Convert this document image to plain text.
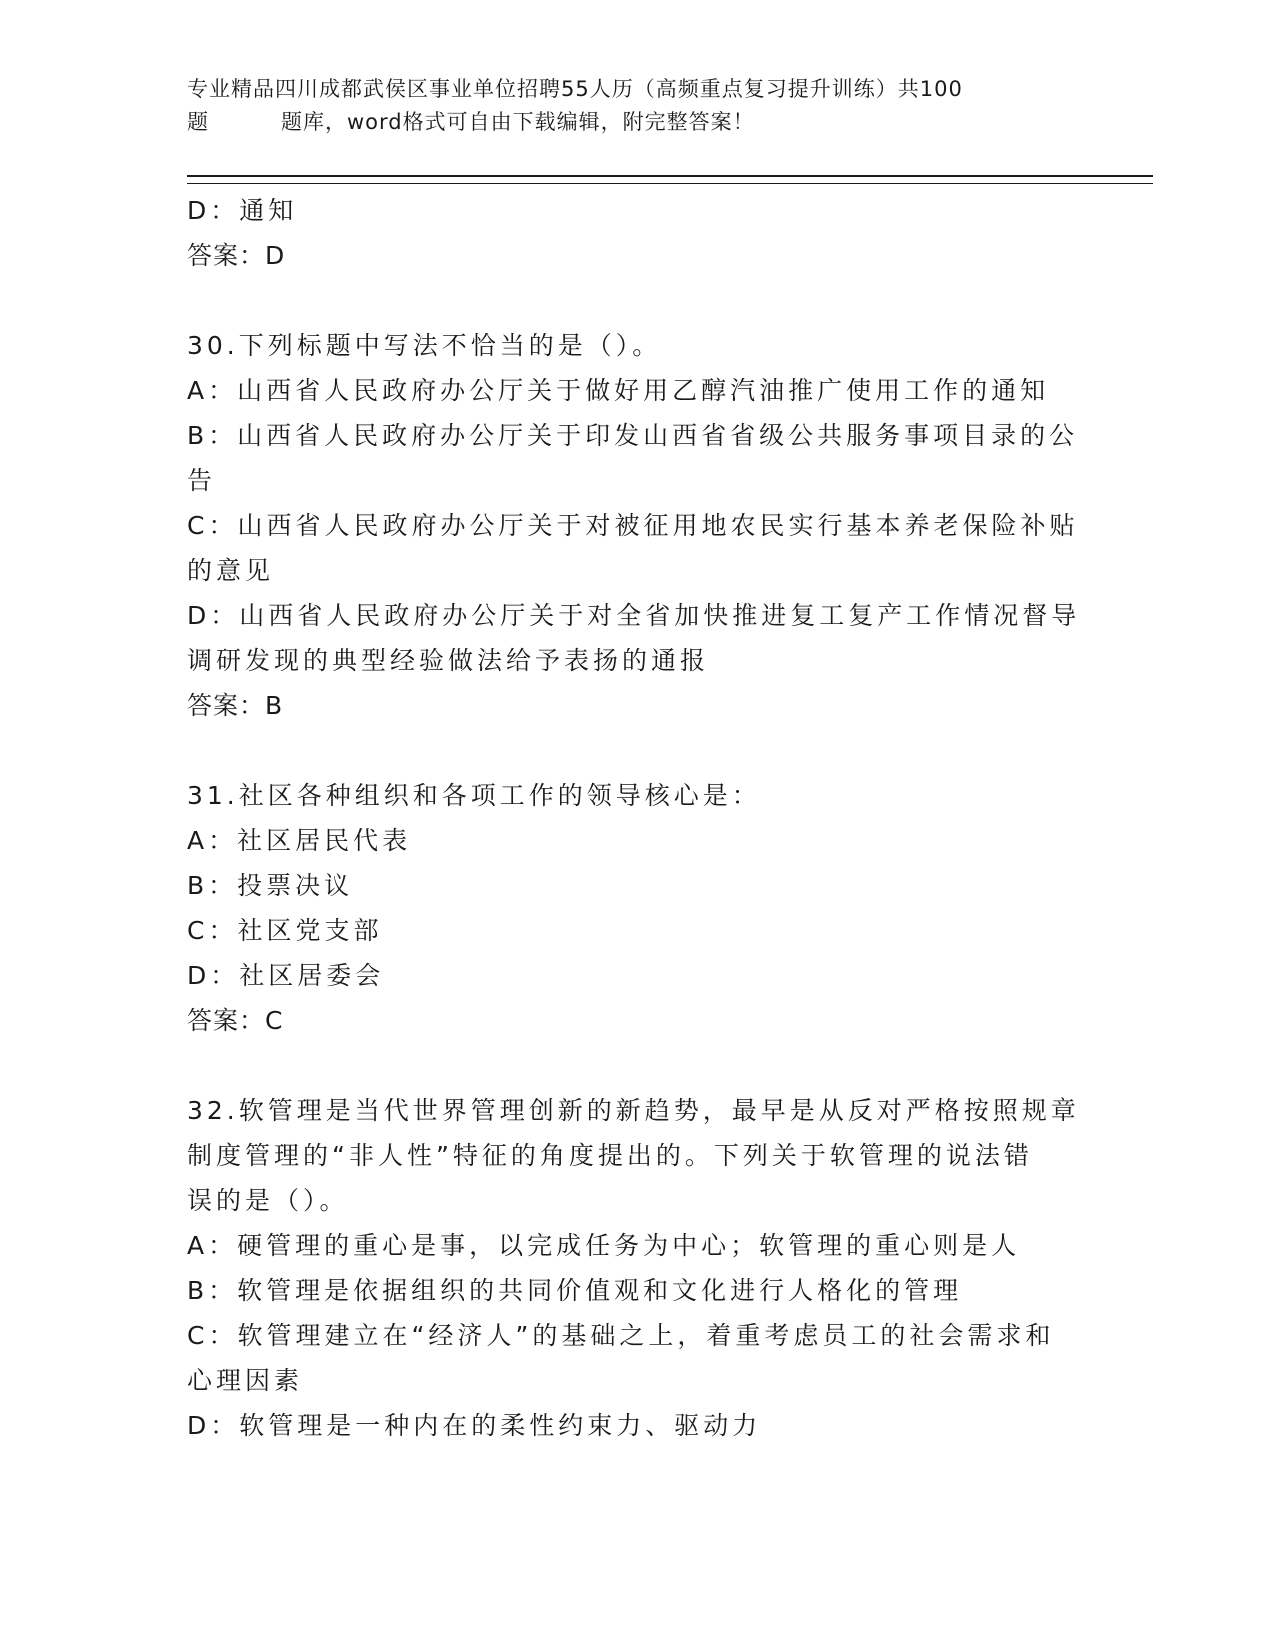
专业精品四川成都武侯区事业单位招聘55人历（高频重点复习提升训练）共100
题	题库，word格式可自由下载编辑，附完整答案！
D：通知
答案：D
30.下列标题中写法不恰当的是（）。
A：山西省人民政府办公厅关于做好用乙醇汽油推广使用工作的通知
B：山西省人民政府办公厅关于印发山西省省级公共服务事项目录的公
告
C：山西省人民政府办公厅关于对被征用地农民实行基本养老保险补贴
的意见
D：山西省人民政府办公厅关于对全省加快推进复工复产工作情况督导
调研发现的典型经验做法给予表扬的通报
答案：B
31.社区各种组织和各项工作的领导核心是：
A：社区居民代表
B：投票决议
C：社区党支部
D：社区居委会
答案：C
32.软管理是当代世界管理创新的新趋势，最早是从反对严格按照规章
制度管理的“非人性”特征的角度提出的。下列关于软管理的说法错
误的是（）。
A：硬管理的重心是事，以完成任务为中心；软管理的重心则是人
B：软管理是依据组织的共同价值观和文化进行人格化的管理
C：软管理建立在“经济人”的基础之上，着重考虑员工的社会需求和
心理因素
D：软管理是一种内在的柔性约束力、驱动力
